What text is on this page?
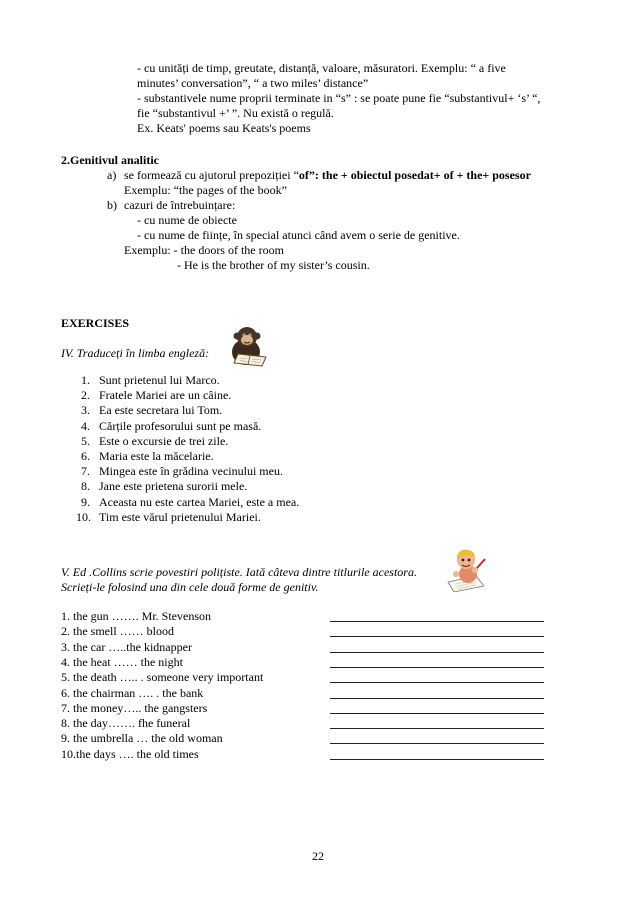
- cu unități de timp, greutate, distanță, valoare, măsuratori. Exemplu: “ a five
minutes’ conversation”, “ a two miles’ distance”
- substantivele nume proprii terminate in “s” : se poate pune fie “substantivul+ ‘s’ “,
fie “substantivul +’ ”. Nu există o regulă.
Ex. Keats' poems sau Keats's poems
2.Genitivul analitic
a) se formează cu ajutorul prepoziției “of”: the + obiectul posedat+ of + the+ posesor
Exemplu: “the pages of the book”
b) cazuri de întrebuințare:
- cu nume de obiecte
- cu nume de ființe, în special atunci când avem o serie de genitive.
Exemplu: - the doors of the room
- He is the brother of my sister’s cousin.
EXERCISES
IV. Traduceți în limba engleză:
1. Sunt prietenul lui Marco.
2. Fratele Mariei are un câine.
3. Ea este secretara lui Tom.
4. Cărțile profesorului sunt pe masă.
5. Este o excursie de trei zile.
6. Maria este la măcelarie.
7. Mingea este în grădina vecinului meu.
8. Jane este prietena surorii mele.
9. Aceasta nu este cartea Mariei, este a mea.
10. Tim este vărul prietenului Mariei.
V. Ed .Collins scrie povestiri polițiste. Iată câteva dintre titlurile acestora.
Scrieți-le folosind una din cele două forme de genitiv.
1. the gun ……. Mr. Stevenson
2. the smell …… blood
3. the car …..the kidnapper
4. the heat …… the night
5. the death ….. . someone very important
6. the chairman …. . the bank
7. the money….. the gangsters
8. the day……. fhe funeral
9. the umbrella … the old woman
10.the days …. the old times
22
